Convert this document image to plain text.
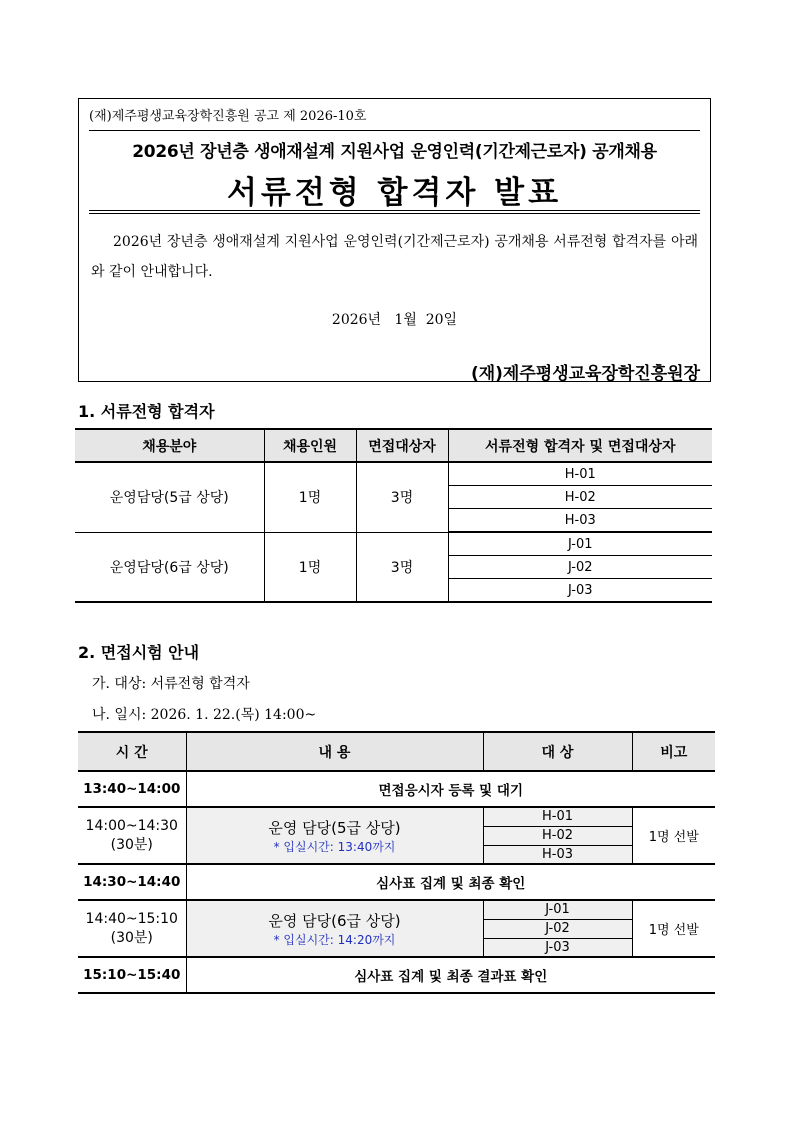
(재)제주평생교육장학진흥원 공고 제 2026-10호
2026년 장년층 생애재설계 지원사업 운영인력(기간제근로자) 공개채용
서류전형 합격자 발표
2026년 장년층 생애재설계 지원사업 운영인력(기간제근로자) 공개채용 서류전형 합격자를 아래와 같이 안내합니다.
2026년   1월  20일
(재)제주평생교육장학진흥원장
1. 서류전형 합격자
채용분야	채용인원	면접대상자	서류전형 합격자 및 면접대상자
운영담당(5급 상당)	1명	3명	H-01
			H-02
			H-03
운영담당(6급 상당)	1명	3명	J-01
			J-02
			J-03
2. 면접시험 안내
가. 대상: 서류전형 합격자
나. 일시: 2026. 1. 22.(목) 14:00~
시 간	내 용	대 상	비고
13:40~14:00	면접응시자 등록 및 대기		

14:00~14:30
(30분)	운영 담당(5급 상당)
* 입실시간: 13:40까지	H-01	1명 선발
		H-02	
		H-03	
14:30~14:40	심사표 집계 및 최종 확인		

14:40~15:10
(30분)	운영 담당(6급 상당)
* 입실시간: 14:20까지	J-01	1명 선발
		J-02	
		J-03	
15:10~15:40	심사표 집계 및 최종 결과표 확인		
